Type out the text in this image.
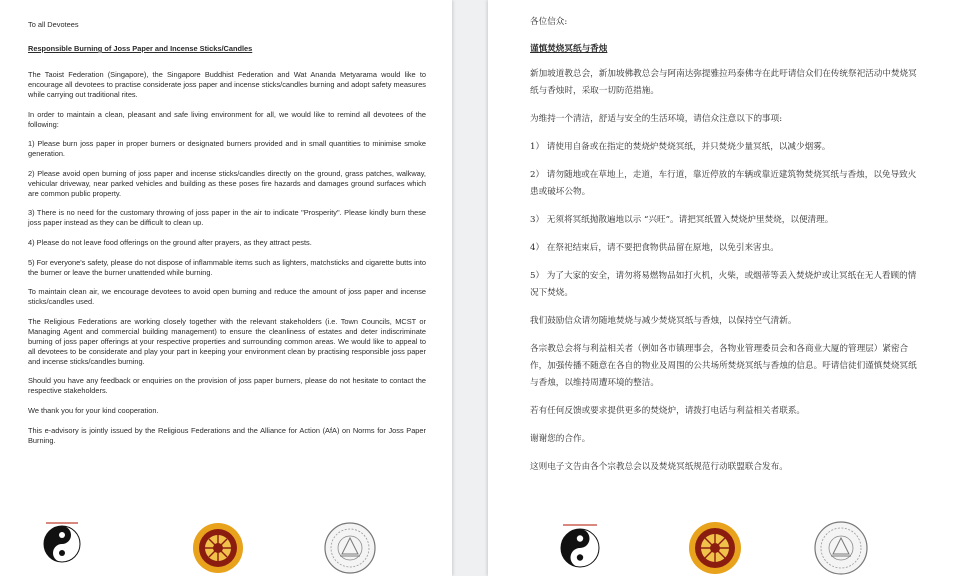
To all Devotees

Responsible Burning of Joss Paper and Incense Sticks/Candles

The Taoist Federation (Singapore), the Singapore Buddhist Federation and Wat Ananda Metyarama would like to encourage all devotees to practise considerate joss paper and incense sticks/candles burning and adopt safety measures while carrying out traditional rites.

In order to maintain a clean, pleasant and safe living environment for all, we would like to remind all devotees of the following:

1) Please burn joss paper in proper burners or designated burners provided and in small quantities to minimise smoke generation.

2) Please avoid open burning of joss paper and incense sticks/candles directly on the ground, grass patches, walkway, vehicular driveway, near parked vehicles and building as these poses fire hazards and damages ground surfaces which are common public property.

3) There is no need for the customary throwing of joss paper in the air to indicate "Prosperity". Please kindly burn these joss paper instead as they can be difficult to clean up.

4) Please do not leave food offerings on the ground after prayers, as they attract pests.

5) For everyone's safety, please do not dispose of inflammable items such as lighters, matchsticks and cigarette butts into the burner or leave the burner unattended while burning.

To maintain clean air, we encourage devotees to avoid open burning and reduce the amount of joss paper and incense sticks/candles used.

The Religious Federations are working closely together with the relevant stakeholders (i.e. Town Councils, MCST or Managing Agent and commercial building management) to ensure the cleanliness of estates and deter indiscriminate burning of joss paper offerings at your respective properties and surrounding common areas. We would like to appeal to all devotees to be considerate and play your part in keeping your environment clean by practising responsible joss paper and incense sticks/candles burning.

Should you have any feedback or enquiries on the provision of joss paper burners, please do not hesitate to contact the respective stakeholders.

We thank you for your kind cooperation.

This e-advisory is jointly issued by the Religious Federations and the Alliance for Action (AfA) on Norms for Joss Paper Burning.

各位信众:

谨慎焚烧冥纸与香烛

新加坡道教总会，新加坡佛教总会与阿南达弥提雅拉玛泰佛寺在此吁请信众们在传统祭祀活动中焚烧冥纸与香烛时，采取一切防范措施。

为维持一个清洁，舒适与安全的生活环境，请信众注意以下的事项:

1） 请使用自备或在指定的焚烧炉焚烧冥纸，并只焚烧少量冥纸，以减少烟雾。

2） 请勿随地或在草地上，走道，车行道，靠近停放的车辆或靠近建筑物焚烧冥纸与香烛，以免导致火患或破坏公物。

3） 无须将冥纸抛散遍地以示 “兴旺”。请把冥纸置入焚烧炉里焚烧，以便清理。

4） 在祭祀结束后，请不要把食物供品留在原地，以免引来害虫。

5） 为了大家的安全，请勿将易燃物品如打火机，火柴，或烟蒂等丢入焚烧炉或让冥纸在无人看顾的情况下焚烧。

我们鼓励信众请勿随地焚烧与减少焚烧冥纸与香烛，以保持空气清新。

各宗教总会将与利益相关者（例如各市镇理事会，各物业管理委员会和各商业大厦的管理层）紧密合作，加强传播不随意在各自的物业及周围的公共场所焚烧冥纸与香烛的信息。吁请信徒们谨慎焚烧冥纸与香烛，以维持周遭环境的整洁。

若有任何反馈或要求提供更多的焚烧炉，请拨打电话与利益相关者联系。

谢谢您的合作。

这则电子文告由各个宗教总会以及焚烧冥纸规范行动联盟联合发布。
